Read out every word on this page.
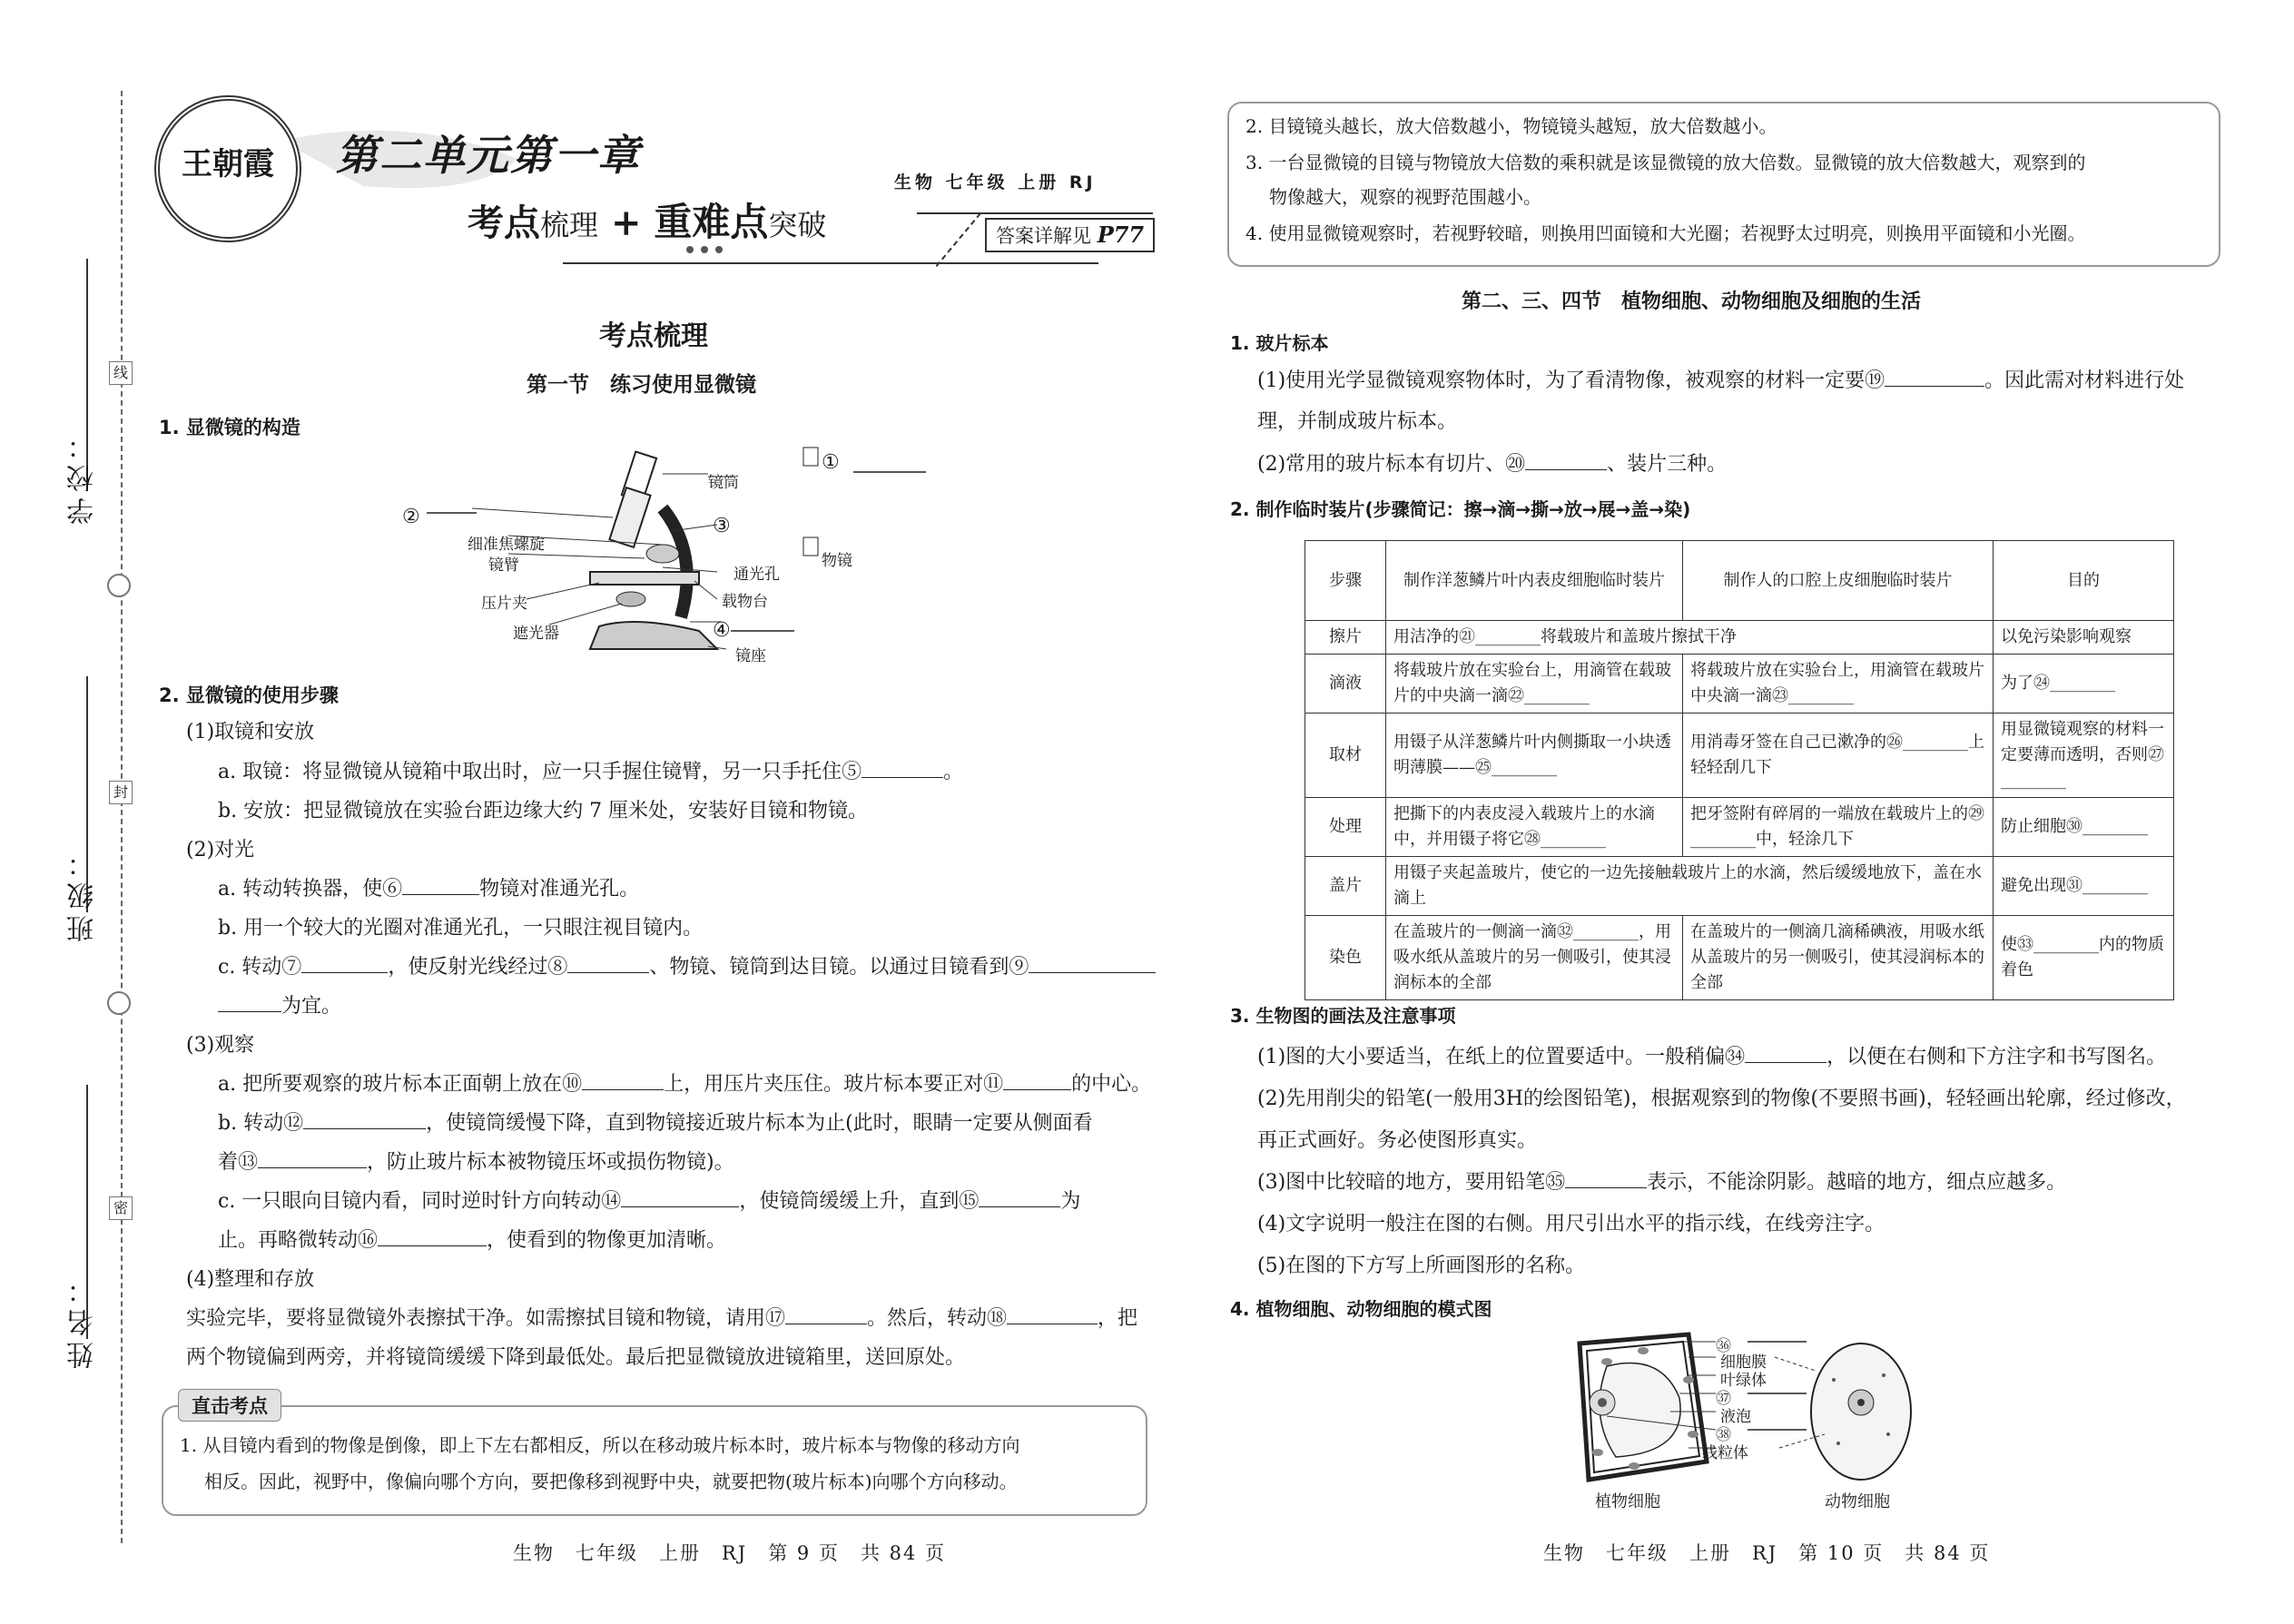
学校：
班级：
姓名：
线
封
密
王朝霞	第二单元第一章
考点梳理 + 重难点突破
生物 七年级 上册 RJ
答案详解见 P77
考点梳理
第一节　练习使用显微镜
1. 显微镜的构造
①
②	③
④
镜筒
细准焦螺旋
镜臂	通光孔
物镜
压片夹	载物台
遮光器
镜座
2. 显微镜的使用步骤
(1)取镜和安放
a. 取镜：将显微镜从镜箱中取出时，应一只手握住镜臂，另一只手托住⑤	。
b. 安放：把显微镜放在实验台距边缘大约 7 厘米处，安装好目镜和物镜。
(2)对光
a. 转动转换器，使⑥	物镜对准通光孔。
b. 用一个较大的光圈对准通光孔，一只眼注视目镜内。
c. 转动⑦	，使反射光线经过⑧	、物镜、镜筒到达目镜。以通过目镜看到⑨
为宜。
(3)观察
a. 把所要观察的玻片标本正面朝上放在⑩	上，用压片夹压住。玻片标本要正对⑪	的中心。
b. 转动⑫	，使镜筒缓慢下降，直到物镜接近玻片标本为止(此时，眼睛一定要从侧面看
着⑬	，防止玻片标本被物镜压坏或损伤物镜)。
c. 一只眼向目镜内看，同时逆时针方向转动⑭	，使镜筒缓缓上升，直到⑮	为
止。再略微转动⑯	，使看到的物像更加清晰。
(4)整理和存放
实验完毕，要将显微镜外表擦拭干净。如需擦拭目镜和物镜，请用⑰	。然后，转动⑱	，把
两个物镜偏到两旁，并将镜筒缓缓下降到最低处。最后把显微镜放进镜箱里，送回原处。
直击考点
1. 从目镜内看到的物像是倒像，即上下左右都相反，所以在移动玻片标本时，玻片标本与物像的移动方向
相反。因此，视野中，像偏向哪个方向，要把像移到视野中央，就要把物(玻片标本)向哪个方向移动。
生物　七年级　上册　RJ　第 9 页　共 84 页
2. 目镜镜头越长，放大倍数越小，物镜镜头越短，放大倍数越小。
3. 一台显微镜的目镜与物镜放大倍数的乘积就是该显微镜的放大倍数。显微镜的放大倍数越大，观察到的
物像越大，观察的视野范围越小。
4. 使用显微镜观察时，若视野较暗，则换用凹面镜和大光圈；若视野太过明亮，则换用平面镜和小光圈。
第二、三、四节　植物细胞、动物细胞及细胞的生活
1. 玻片标本
(1)使用光学显微镜观察物体时，为了看清物像，被观察的材料一定要⑲	。因此需对材料进行处
理，并制成玻片标本。
(2)常用的玻片标本有切片、⑳	、装片三种。
2. 制作临时装片(步骤简记：擦→滴→撕→放→展→盖→染)
步骤	制作洋葱鳞片叶内表皮细胞临时装片	制作人的口腔上皮细胞临时装片	目的
擦片	用洁净的㉑________将载玻片和盖玻片擦拭干净		以免污染影响观察
滴液	将载玻片放在实验台上，用滴管在载玻片的中央滴一滴㉒________	将载玻片放在实验台上，用滴管在载玻片中央滴一滴㉓________	为了㉔________
取材	用镊子从洋葱鳞片叶内侧撕取一小块透明薄膜——㉕________	用消毒牙签在自己已漱净的㉖________上轻轻刮几下	用显微镜观察的材料一定要薄而透明，否则㉗________
处理	把撕下的内表皮浸入载玻片上的水滴中，并用镊子将它㉘________	把牙签附有碎屑的一端放在载玻片上的㉙________中，轻涂几下	防止细胞㉚________
盖片	用镊子夹起盖玻片，使它的一边先接触载玻片上的水滴，然后缓缓地放下，盖在水滴上		避免出现㉛________
染色	在盖玻片的一侧滴一滴㉜________，用吸水纸从盖玻片的另一侧吸引，使其浸润标本的全部	在盖玻片的一侧滴几滴稀碘液，用吸水纸从盖玻片的另一侧吸引，使其浸润标本的全部	使㉝________内的物质着色
3. 生物图的画法及注意事项
(1)图的大小要适当，在纸上的位置要适中。一般稍偏㉞	，以便在右侧和下方注字和书写图名。
(2)先用削尖的铅笔(一般用3H的绘图铅笔)，根据观察到的物像(不要照书画)，轻轻画出轮廓，经过修改，
再正式画好。务必使图形真实。
(3)图中比较暗的地方，要用铅笔㉟	表示，不能涂阴影。越暗的地方，细点应越多。
(4)文字说明一般注在图的右侧。用尺引出水平的指示线，在线旁注字。
(5)在图的下方写上所画图形的名称。
4. 植物细胞、动物细胞的模式图
㊱
细胞膜
叶绿体
㊲
液泡
㊳
线粒体
植物细胞	动物细胞
生物　七年级　上册　RJ　第 10 页　共 84 页
